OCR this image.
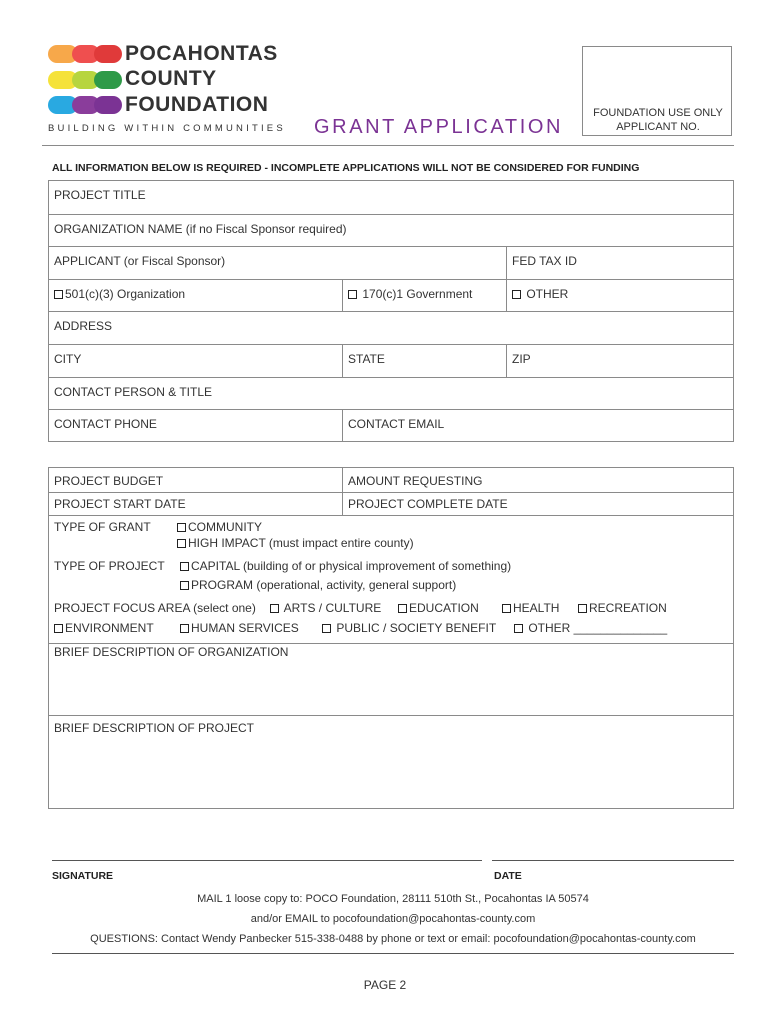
POCAHONTAS
COUNTY
FOUNDATION
BUILDING WITHIN COMMUNITIES GRANT APPLICATION
FOUNDATION USE ONLY
APPLICANT NO.
ALL INFORMATION BELOW IS REQUIRED - INCOMPLETE APPLICATIONS WILL NOT BE CONSIDERED FOR FUNDING
PROJECT TITLE
ORGANIZATION NAME (if no Fiscal Sponsor required)
APPLICANT (or Fiscal Sponsor)	FED TAX ID
501(c)(3) Organization	170(c)1 Government	OTHER
ADDRESS
CITY	STATE	ZIP
CONTACT PERSON & TITLE
CONTACT PHONE	CONTACT EMAIL
PROJECT BUDGET	AMOUNT REQUESTING
PROJECT START DATE	PROJECT COMPLETE DATE
TYPE OF GRANT	COMMUNITY
HIGH IMPACT (must impact entire county)
TYPE OF PROJECT	CAPITAL (building of or physical improvement of something)
PROGRAM (operational, activity, general support)
PROJECT FOCUS AREA (select one)	ARTS / CULTURE	EDUCATION	HEALTH	RECREATION
ENVIRONMENT	HUMAN SERVICES	PUBLIC / SOCIETY BENEFIT	OTHER ______________
BRIEF DESCRIPTION OF ORGANIZATION
BRIEF DESCRIPTION OF PROJECT
SIGNATURE	DATE
MAIL 1 loose copy to: POCO Foundation, 28111 510th St., Pocahontas IA 50574
and/or EMAIL to pocofoundation@pocahontas-county.com
QUESTIONS: Contact Wendy Panbecker 515-338-0488 by phone or text or email: pocofoundation@pocahontas-county.com
PAGE 2
